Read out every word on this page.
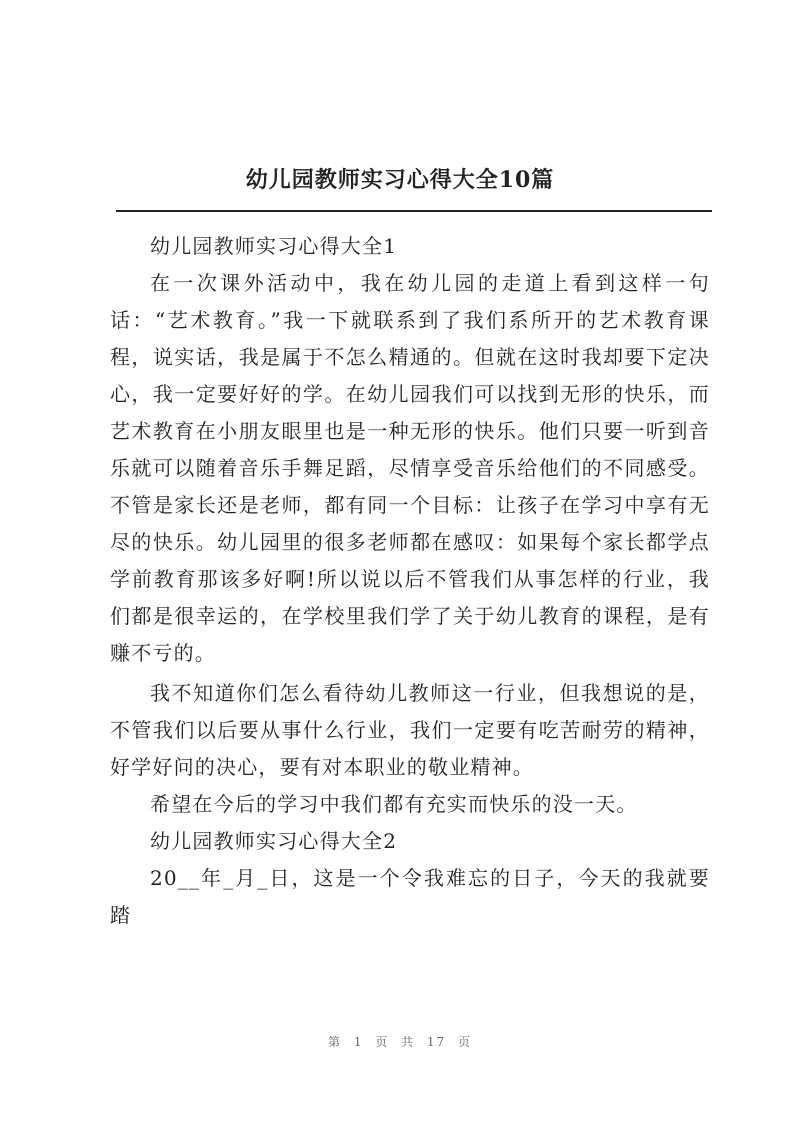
幼儿园教师实习心得大全10篇

幼儿园教师实习心得大全1

在一次课外活动中，我在幼儿园的走道上看到这样一句话：“艺术教育。”我一下就联系到了我们系所开的艺术教育课程，说实话，我是属于不怎么精通的。但就在这时我却要下定决心，我一定要好好的学。在幼儿园我们可以找到无形的快乐，而艺术教育在小朋友眼里也是一种无形的快乐。他们只要一听到音乐就可以随着音乐手舞足蹈，尽情享受音乐给他们的不同感受。不管是家长还是老师，都有同一个目标：让孩子在学习中享有无尽的快乐。幼儿园里的很多老师都在感叹：如果每个家长都学点学前教育那该多好啊!所以说以后不管我们从事怎样的行业，我们都是很幸运的，在学校里我们学了关于幼儿教育的课程，是有赚不亏的。

我不知道你们怎么看待幼儿教师这一行业，但我想说的是，不管我们以后要从事什么行业，我们一定要有吃苦耐劳的精神，好学好问的决心，要有对本职业的敬业精神。

希望在今后的学习中我们都有充实而快乐的没一天。

幼儿园教师实习心得大全2

20__年_月_日，这是一个令我难忘的日子，今天的我就要踏

第 1 页 共 17 页
